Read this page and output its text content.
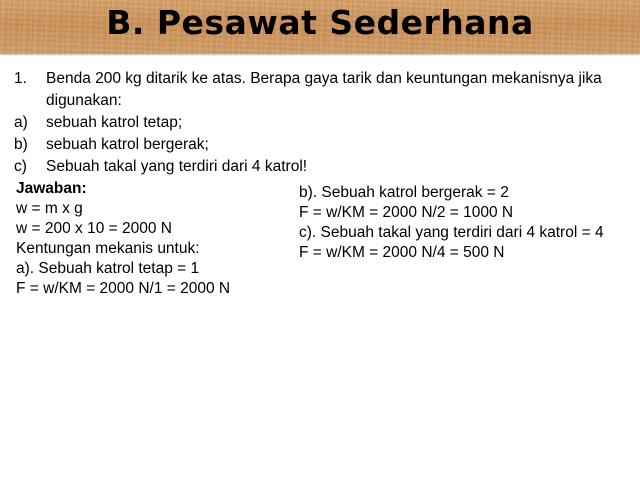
B. Pesawat Sederhana
1.	Benda 200 kg ditarik ke atas. Berapa gaya tarik dan keuntungan mekanisnya jika digunakan:
a)	sebuah katrol tetap;
b)	sebuah katrol bergerak;
c)	Sebuah takal yang terdiri dari 4 katrol!
Jawaban:
w = m x g
w = 200 x 10 = 2000 N
Kentungan mekanis untuk:
a). Sebuah katrol tetap = 1
F = w/KM = 2000 N/1 = 2000 N
b). Sebuah katrol bergerak = 2
F = w/KM = 2000 N/2 = 1000 N
c). Sebuah takal yang terdiri dari 4 katrol = 4
F = w/KM = 2000 N/4 = 500 N
